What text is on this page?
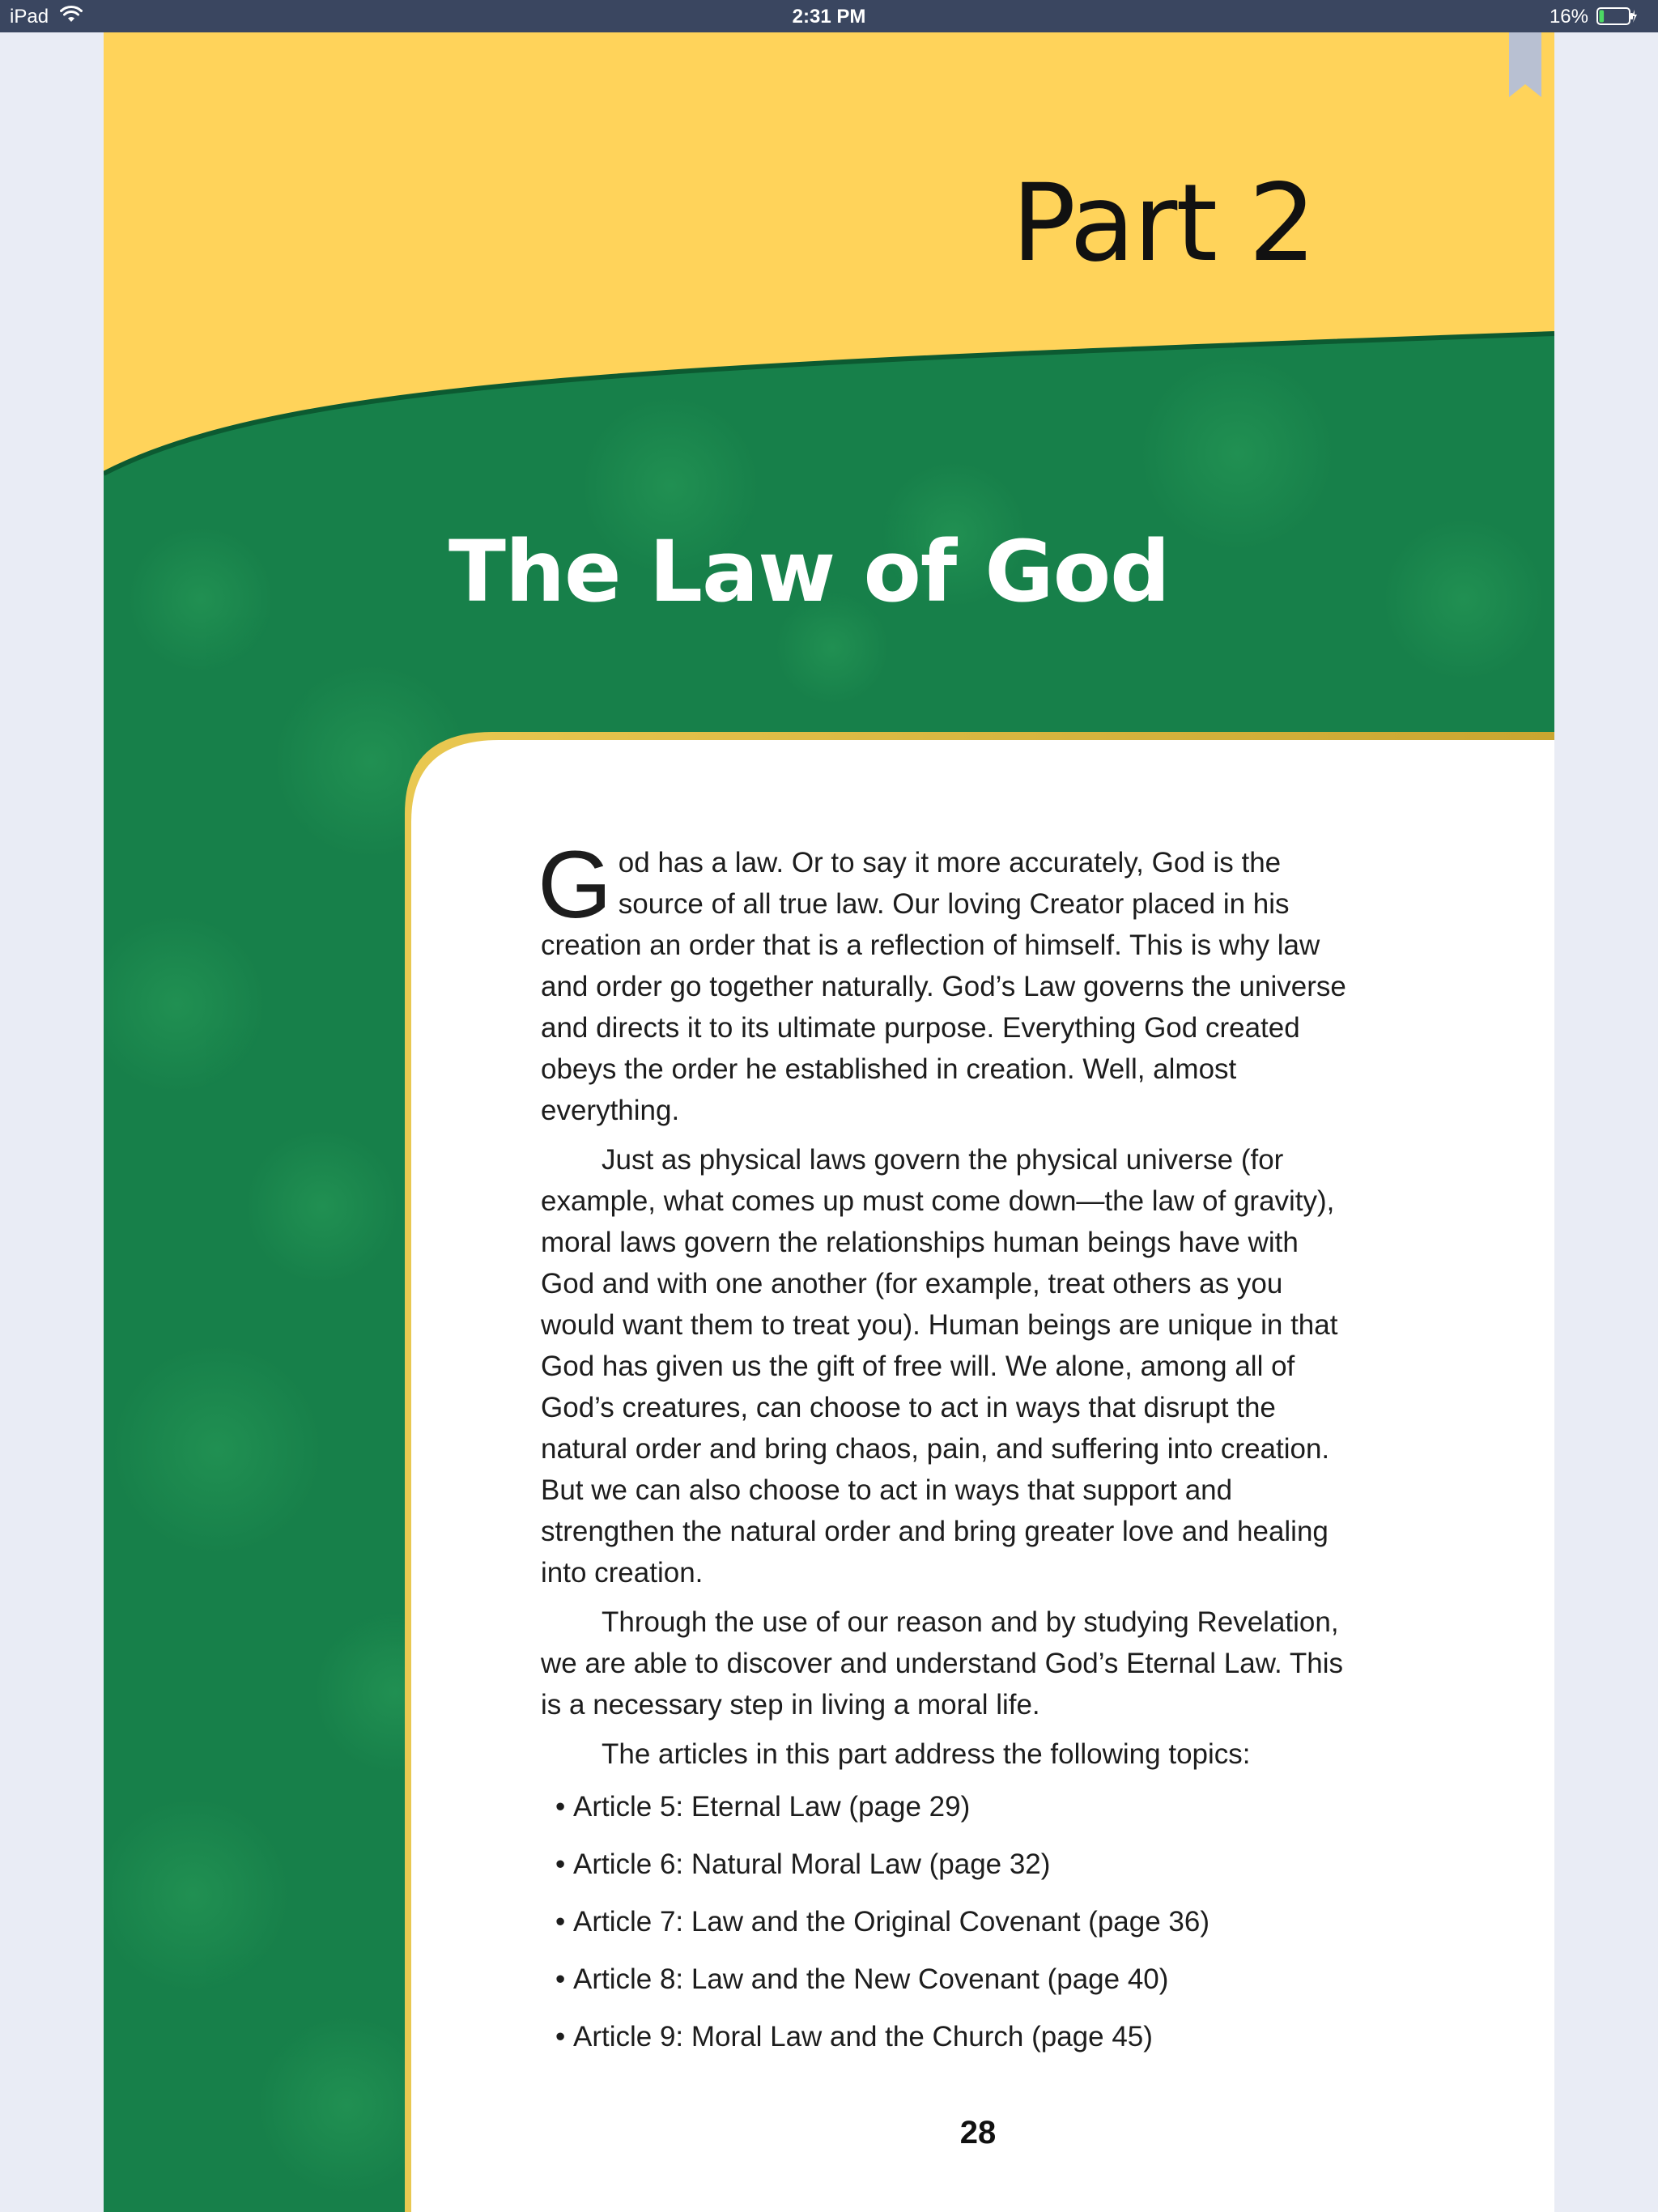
iPad	2:31 PM	16%
Part 2
The Law of God

God has a law. Or to say it more accurately, God is the source of all true law. Our loving Creator placed in his creation an order that is a reflection of himself. This is why law and order go together naturally. God’s Law governs the universe and directs it to its ultimate purpose. Everything God created obeys the order he established in creation. Well, almost everything.

Just as physical laws govern the physical universe (for example, what comes up must come down—the law of gravity), moral laws govern the relationships human beings have with God and with one another (for example, treat others as you would want them to treat you). Human beings are unique in that God has given us the gift of free will. We alone, among all of God’s creatures, can choose to act in ways that disrupt the natural order and bring chaos, pain, and suffering into creation. But we can also choose to act in ways that support and strengthen the natural order and bring greater love and healing into creation.

Through the use of our reason and by studying Revelation, we are able to discover and understand God’s Eternal Law. This is a necessary step in living a moral life.

The articles in this part address the following topics:

• Article 5: Eternal Law (page 29)
• Article 6: Natural Moral Law (page 32)
• Article 7: Law and the Original Covenant (page 36)
• Article 8: Law and the New Covenant (page 40)
• Article 9: Moral Law and the Church (page 45)
28
